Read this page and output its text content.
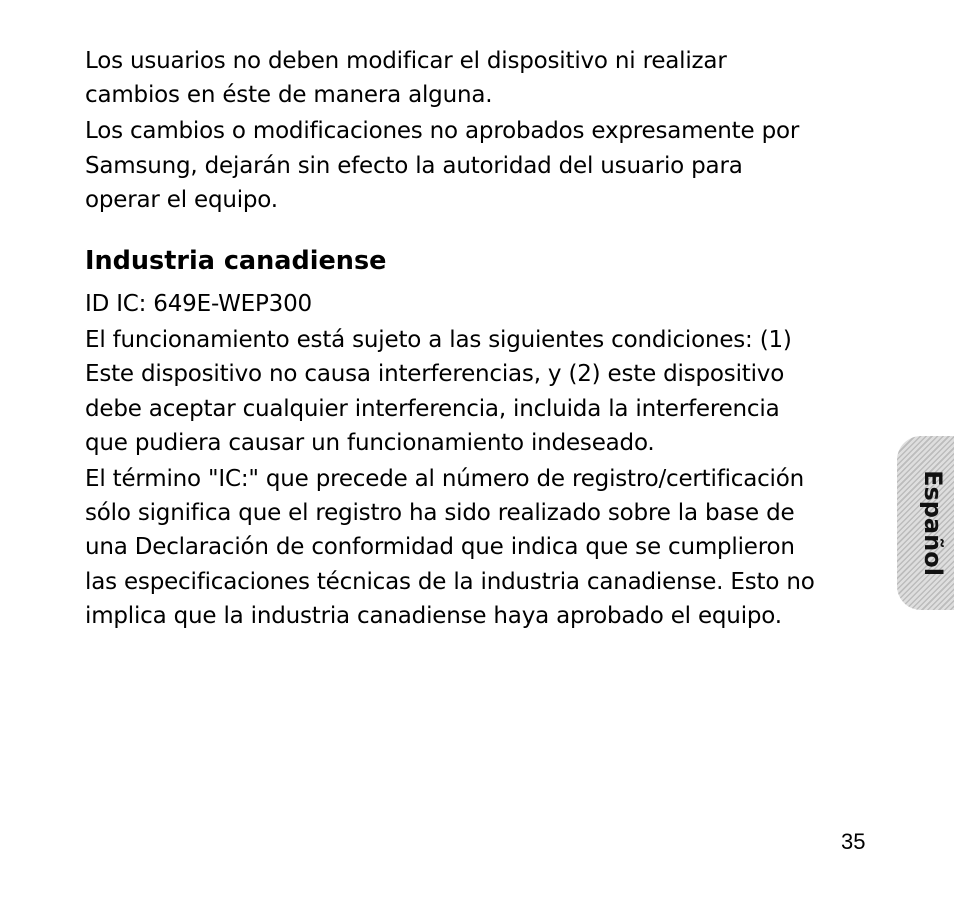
Los usuarios no deben modificar el dispositivo ni realizar
cambios en éste de manera alguna.

Los cambios o modificaciones no aprobados expresamente por
Samsung, dejarán sin efecto la autoridad del usuario para
operar el equipo.

Industria canadiense

ID IC: 649E-WEP300

El funcionamiento está sujeto a las siguientes condiciones: (1)
Este dispositivo no causa interferencias, y (2) este dispositivo
debe aceptar cualquier interferencia, incluida la interferencia
que pudiera causar un funcionamiento indeseado.

El término "IC:" que precede al número de registro/certificación
sólo significa que el registro ha sido realizado sobre la base de
una Declaración de conformidad que indica que se cumplieron
las especificaciones técnicas de la industria canadiense. Esto no
implica que la industria canadiense haya aprobado el equipo.

Español
35
